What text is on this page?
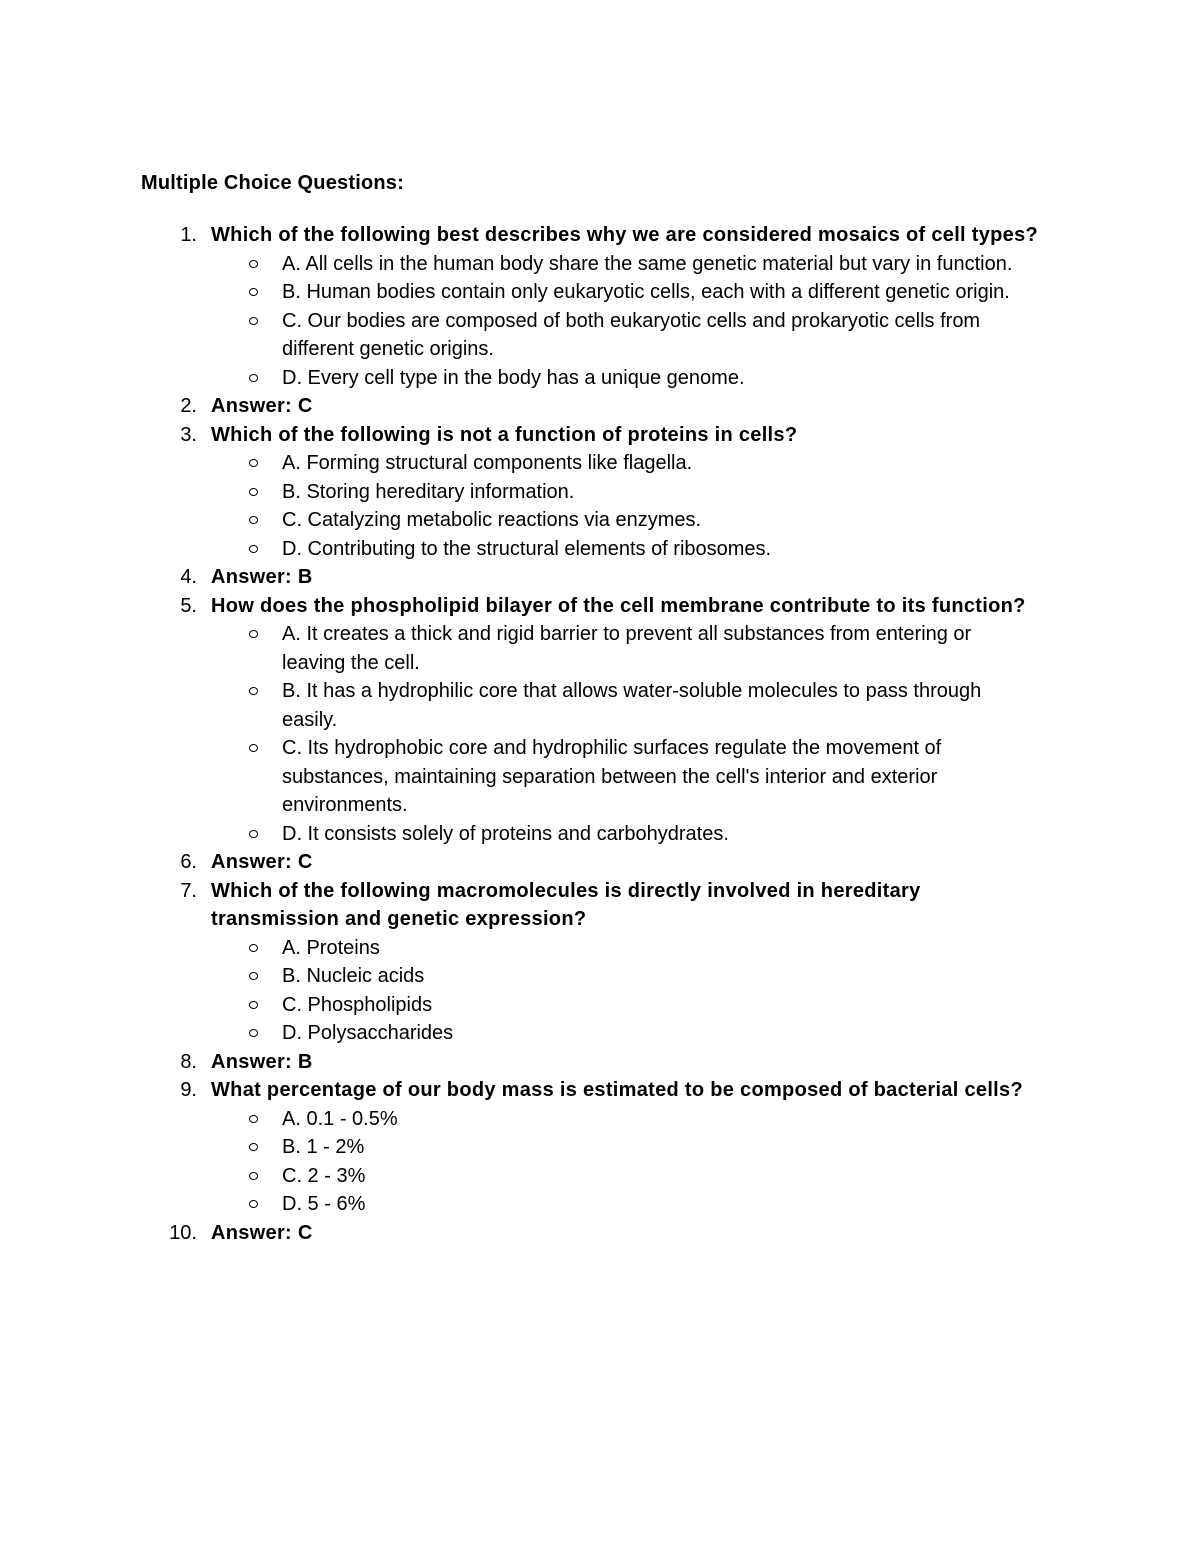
Multiple Choice Questions:
1. Which of the following best describes why we are considered mosaics of cell types?
A. All cells in the human body share the same genetic material but vary in function.
B. Human bodies contain only eukaryotic cells, each with a different genetic origin.
C. Our bodies are composed of both eukaryotic cells and prokaryotic cells from different genetic origins.
D. Every cell type in the body has a unique genome.
2. Answer: C
3. Which of the following is not a function of proteins in cells?
A. Forming structural components like flagella.
B. Storing hereditary information.
C. Catalyzing metabolic reactions via enzymes.
D. Contributing to the structural elements of ribosomes.
4. Answer: B
5. How does the phospholipid bilayer of the cell membrane contribute to its function?
A. It creates a thick and rigid barrier to prevent all substances from entering or leaving the cell.
B. It has a hydrophilic core that allows water-soluble molecules to pass through easily.
C. Its hydrophobic core and hydrophilic surfaces regulate the movement of substances, maintaining separation between the cell's interior and exterior environments.
D. It consists solely of proteins and carbohydrates.
6. Answer: C
7. Which of the following macromolecules is directly involved in hereditary transmission and genetic expression?
A. Proteins
B. Nucleic acids
C. Phospholipids
D. Polysaccharides
8. Answer: B
9. What percentage of our body mass is estimated to be composed of bacterial cells?
A. 0.1 - 0.5%
B. 1 - 2%
C. 2 - 3%
D. 5 - 6%
10. Answer: C
